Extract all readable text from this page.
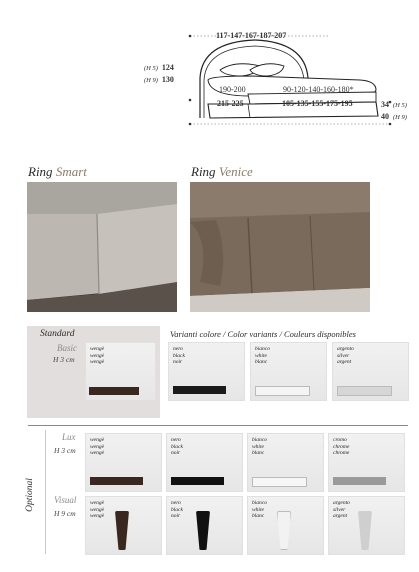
117-147-167-187-207
(H 5) 124
(H 9) 130
190-200	90-120-140-160-180*
215-225	105-135-155-175-195	34 (H 5)
40 (H 9)
Ring Smart	Ring Venice
Standard
Basic
H 3 cm
wengè
wengè
wengè
Varianti colore / Color variants / Couleurs disponibles
nero
black
noir
bianco
white
blanc
argento
silver
argent
Optional
Lux
H 3 cm
wengè
wengè
wengè
nero
black
noir
bianco
white
blanc
cromo
chrome
chrome
Visual
H 9 cm
wengè
wengè
wengè
nero
black
noir
bianco
white
blanc
argento
silver
argent
